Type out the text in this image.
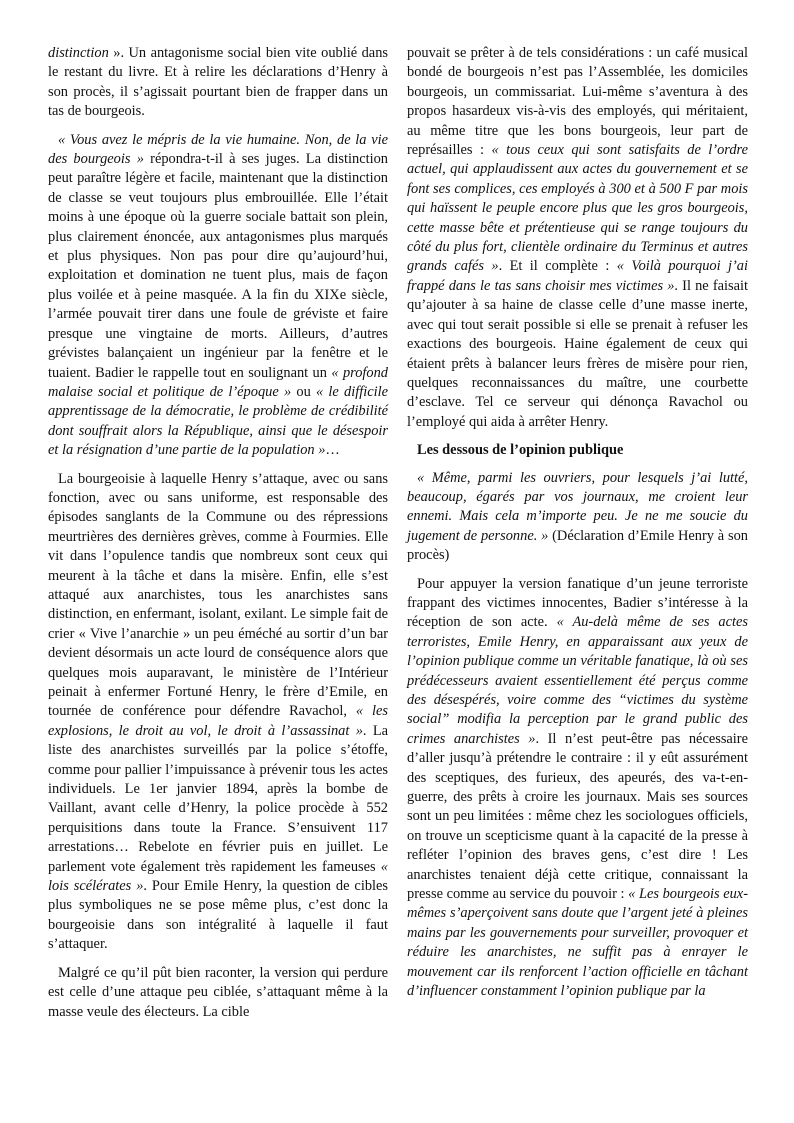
distinction ». Un antagonisme social bien vite oublié dans le restant du livre. Et à relire les déclarations d’Henry à son procès, il s’agissait pourtant bien de frapper dans un tas de bourgeois.

« Vous avez le mépris de la vie humaine. Non, de la vie des bourgeois » répondra-t-il à ses juges. La distinction peut paraître légère et facile, maintenant que la distinction de classe se veut toujours plus embrouillée. Elle l’était moins à une époque où la guerre sociale battait son plein, plus clairement énoncée, aux antagonismes plus marqués et plus physiques. Non pas pour dire qu’aujourd’hui, exploitation et domination ne tuent plus, mais de façon plus voilée et à peine masquée. A la fin du XIXe siècle, l’armée pouvait tirer dans une foule de gréviste et faire presque une vingtaine de morts. Ailleurs, d’autres grévistes balançaient un ingénieur par la fenêtre et le tuaient. Badier le rappelle tout en soulignant un « profond malaise social et politique de l’époque » ou « le difficile apprentissage de la démocratie, le problème de crédibilité dont souffrait alors la République, ainsi que le désespoir et la résignation d’une partie de la population »…

La bourgeoisie à laquelle Henry s’attaque, avec ou sans fonction, avec ou sans uniforme, est responsable des épisodes sanglants de la Commune ou des répressions meurtrières des dernières grèves, comme à Fourmies. Elle vit dans l’opulence tandis que nombreux sont ceux qui meurent à la tâche et dans la misère. Enfin, elle s’est attaqué aux anarchistes, tous les anarchistes sans distinction, en enfermant, isolant, exilant. Le simple fait de crier « Vive l’anarchie » un peu éméché au sortir d’un bar devient désormais un acte lourd de conséquence alors que quelques mois auparavant, le ministère de l’Intérieur peinait à enfermer Fortuné Henry, le frère d’Emile, en tournée de conférence pour défendre Ravachol, « les explosions, le droit au vol, le droit à l’assassinat ». La liste des anarchistes surveillés par la police s’étoffe, comme pour pallier l’impuissance à prévenir tous les actes individuels. Le 1er janvier 1894, après la bombe de Vaillant, avant celle d’Henry, la police procède à 552 perquisitions dans toute la France. S’ensuivent 117 arrestations… Rebelote en février puis en juillet. Le parlement vote également très rapidement les fameuses « lois scélérates ». Pour Emile Henry, la question de cibles plus symboliques ne se pose même plus, c’est donc la bourgeoisie dans son intégralité à laquelle il faut s’attaquer.

Malgré ce qu’il pût bien raconter, la version qui perdure est celle d’une attaque peu ciblée, s’attaquant même à la masse veule des électeurs. La cible

pouvait se prêter à de tels considérations : un café musical bondé de bourgeois n’est pas l’Assemblée, les domiciles bourgeois, un commissariat. Lui-même s’aventura à des propos hasardeux vis-à-vis des employés, qui méritaient, au même titre que les bons bourgeois, leur part de représailles : « tous ceux qui sont satisfaits de l’ordre actuel, qui applaudissent aux actes du gouvernement et se font ses complices, ces employés à 300 et à 500 F par mois qui haïssent le peuple encore plus que les gros bourgeois, cette masse bête et prétentieuse qui se range toujours du côté du plus fort, clientèle ordinaire du Terminus et autres grands cafés ». Et il complète : « Voilà pourquoi j’ai frappé dans le tas sans choisir mes victimes ». Il ne faisait qu’ajouter à sa haine de classe celle d’une masse inerte, avec qui tout serait possible si elle se prenait à refuser les exactions des bourgeois. Haine également de ceux qui étaient prêts à balancer leurs frères de misère pour rien, quelques reconnaissances du maître, une courbette d’esclave. Tel ce serveur qui dénonça Ravachol ou l’employé qui aida à arrêter Henry.

Les dessous de l’opinion publique

« Même, parmi les ouvriers, pour lesquels j’ai lutté, beaucoup, égarés par vos journaux, me croient leur ennemi. Mais cela m’importe peu. Je ne me soucie du jugement de personne. » (Déclaration d’Emile Henry à son procès)

Pour appuyer la version fanatique d’un jeune terroriste frappant des victimes innocentes, Badier s’intéresse à la réception de son acte. « Au-delà même de ses actes terroristes, Emile Henry, en apparaissant aux yeux de l’opinion publique comme un véritable fanatique, là où ses prédécesseurs avaient essentiellement été perçus comme des désespérés, voire comme des “victimes du système social” modifia la perception par le grand public des crimes anarchistes ». Il n’est peut-être pas nécessaire d’aller jusqu’à prétendre le contraire : il y eût assurément des sceptiques, des furieux, des apeurés, des va-t-en-guerre, des prêts à croire les journaux. Mais ses sources sont un peu limitées : même chez les sociologues officiels, on trouve un scepticisme quant à la capacité de la presse à refléter l’opinion des braves gens, c’est dire ! Les anarchistes tenaient déjà cette critique, connaissant la presse comme au service du pouvoir : « Les bourgeois eux-mêmes s’aperçoivent sans doute que l’argent jeté à pleines mains par les gouvernements pour surveiller, provoquer et réduire les anarchistes, ne suffit pas à enrayer le mouvement car ils renforcent l’action officielle en tâchant d’influencer constamment l’opinion publique par la
